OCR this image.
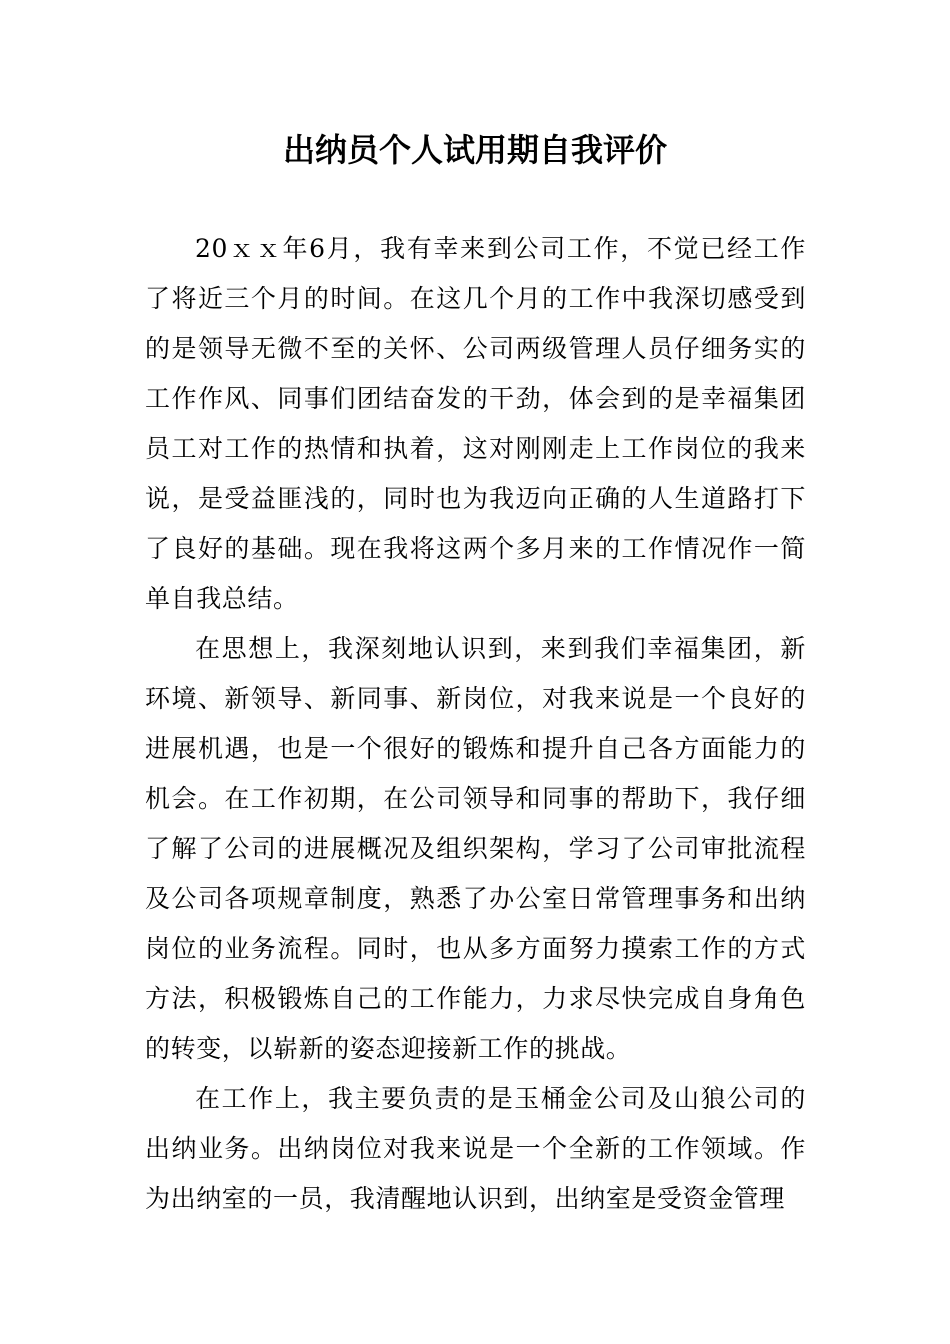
出纳员个人试用期自我评价

20ｘｘ年6月，我有幸来到公司工作，不觉已经工作了将近三个月的时间。在这几个月的工作中我深切感受到的是领导无微不至的关怀、公司两级管理人员仔细务实的工作作风、同事们团结奋发的干劲，体会到的是幸福集团员工对工作的热情和执着，这对刚刚走上工作岗位的我来说，是受益匪浅的，同时也为我迈向正确的人生道路打下了良好的基础。现在我将这两个多月来的工作情况作一简单自我总结。

在思想上，我深刻地认识到，来到我们幸福集团，新环境、新领导、新同事、新岗位，对我来说是一个良好的进展机遇，也是一个很好的锻炼和提升自己各方面能力的机会。在工作初期，在公司领导和同事的帮助下，我仔细了解了公司的进展概况及组织架构，学习了公司审批流程及公司各项规章制度，熟悉了办公室日常管理事务和出纳岗位的业务流程。同时，也从多方面努力摸索工作的方式方法，积极锻炼自己的工作能力，力求尽快完成自身角色的转变，以崭新的姿态迎接新工作的挑战。

在工作上，我主要负责的是玉桶金公司及山狼公司的出纳业务。出纳岗位对我来说是一个全新的工作领域。作为出纳室的一员，我清醒地认识到，出纳室是受资金管理
